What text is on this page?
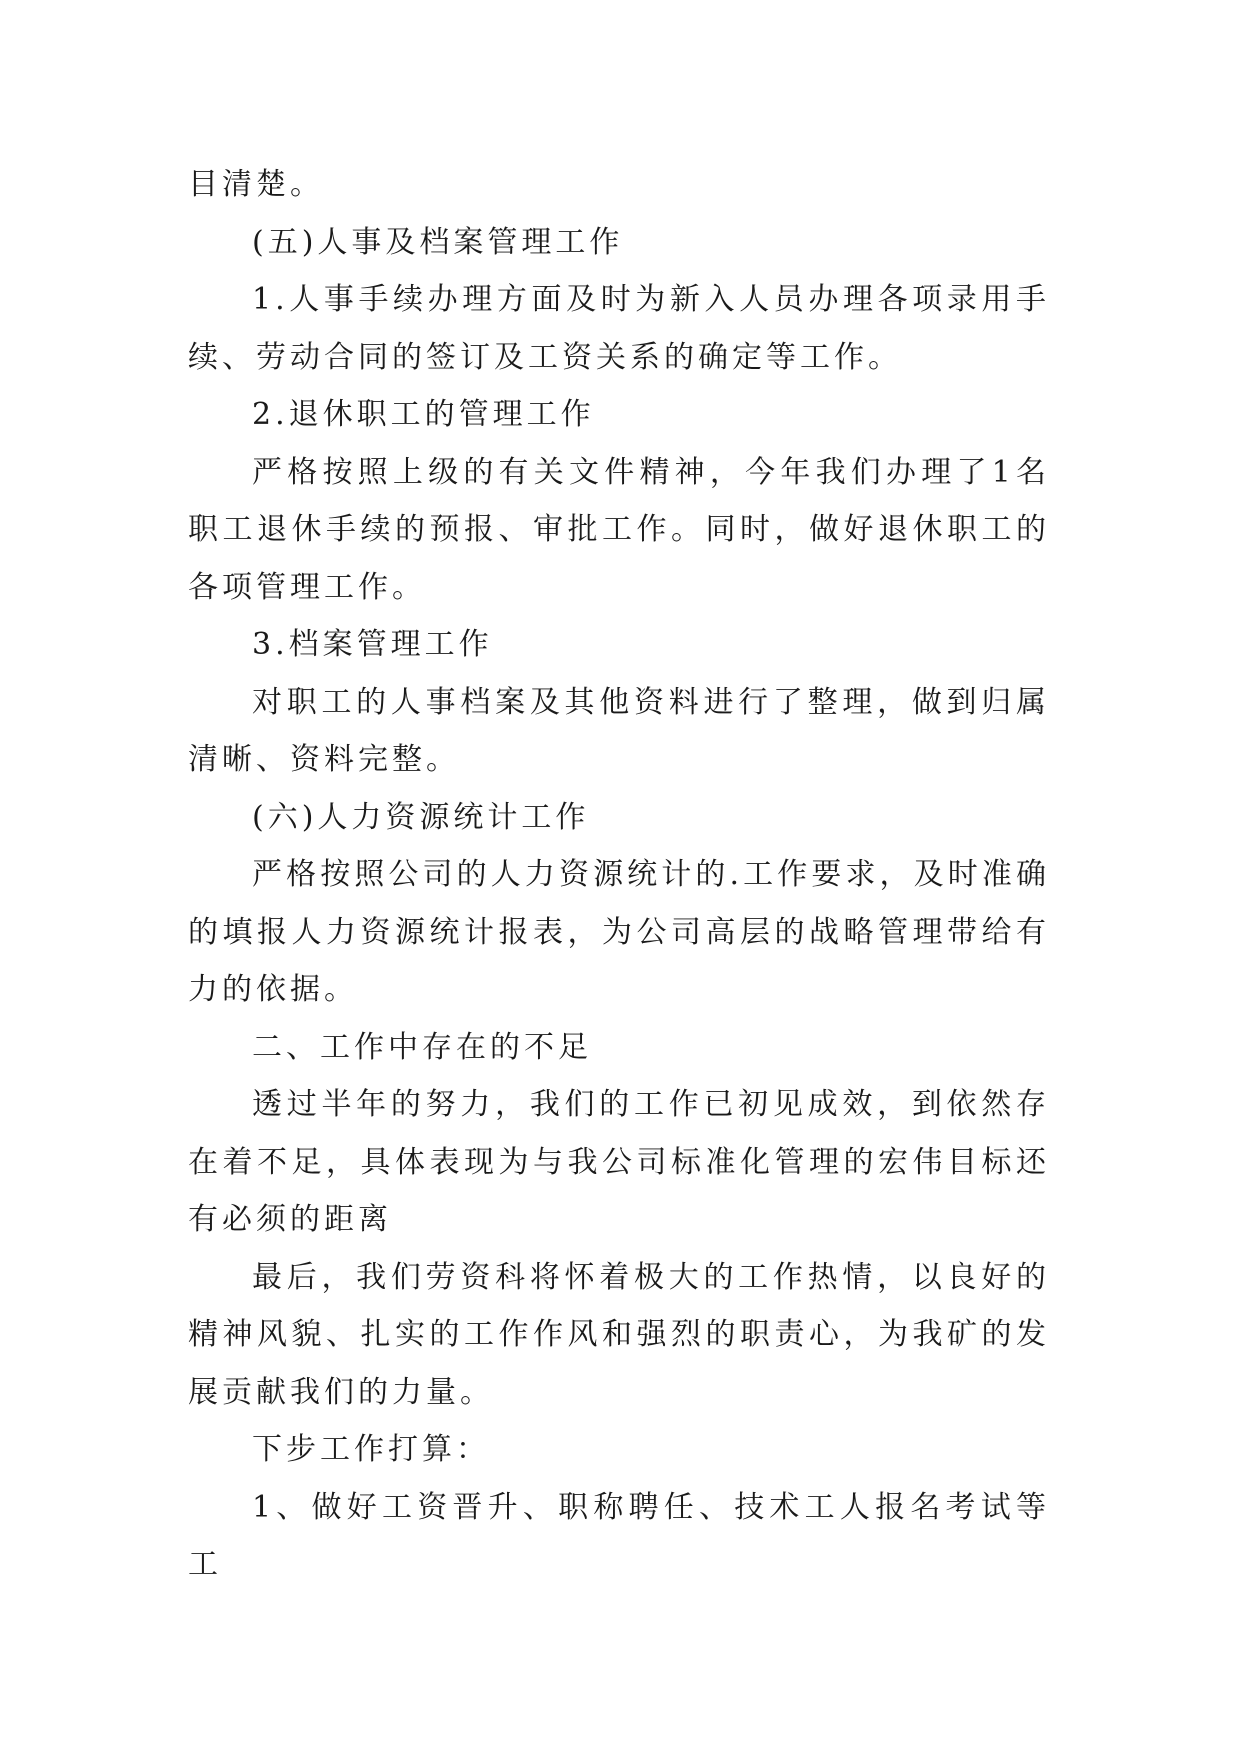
目清楚。

(五)人事及档案管理工作

1.人事手续办理方面及时为新入人员办理各项录用手续、劳动合同的签订及工资关系的确定等工作。

2.退休职工的管理工作

严格按照上级的有关文件精神，今年我们办理了1名职工退休手续的预报、审批工作。同时，做好退休职工的各项管理工作。

3.档案管理工作

对职工的人事档案及其他资料进行了整理，做到归属清晰、资料完整。

(六)人力资源统计工作

严格按照公司的人力资源统计的.工作要求，及时准确的填报人力资源统计报表，为公司高层的战略管理带给有力的依据。

二、工作中存在的不足

透过半年的努力，我们的工作已初见成效，到依然存在着不足，具体表现为与我公司标准化管理的宏伟目标还有必须的距离

最后，我们劳资科将怀着极大的工作热情，以良好的精神风貌、扎实的工作作风和强烈的职责心，为我矿的发展贡献我们的力量。

下步工作打算：

1、做好工资晋升、职称聘任、技术工人报名考试等工
